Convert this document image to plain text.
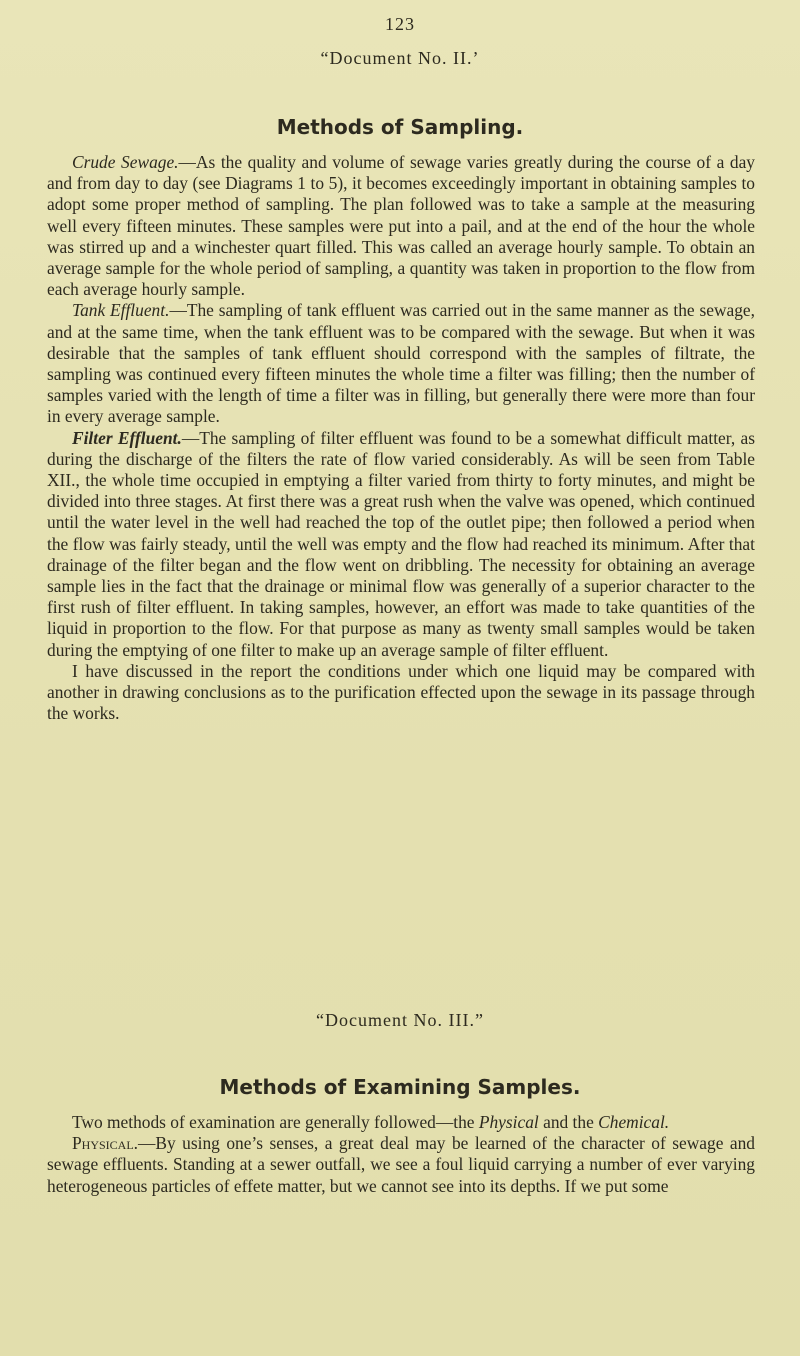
123
“Document No. II.’
Methods of Sampling.

Crude Sewage.—As the quality and volume of sewage varies greatly during the course of a day and from day to day (see Diagrams 1 to 5), it becomes exceedingly important in obtaining samples to adopt some proper method of sampling. The plan followed was to take a sample at the measuring well every fifteen minutes. These samples were put into a pail, and at the end of the hour the whole was stirred up and a winchester quart filled. This was called an average hourly sample. To obtain an average sample for the whole period of sampling, a quantity was taken in proportion to the flow from each average hourly sample.

Tank Effluent.—The sampling of tank effluent was carried out in the same manner as the sewage, and at the same time, when the tank effluent was to be compared with the sewage. But when it was desirable that the samples of tank effluent should correspond with the samples of filtrate, the sampling was continued every fifteen minutes the whole time a filter was filling; then the number of samples varied with the length of time a filter was in filling, but generally there were more than four in every average sample.

Filter Effluent.—The sampling of filter effluent was found to be a somewhat difficult matter, as during the discharge of the filters the rate of flow varied considerably. As will be seen from Table XII., the whole time occupied in emptying a filter varied from thirty to forty minutes, and might be divided into three stages. At first there was a great rush when the valve was opened, which continued until the water level in the well had reached the top of the outlet pipe; then followed a period when the flow was fairly steady, until the well was empty and the flow had reached its minimum. After that drainage of the filter began and the flow went on dribbling. The necessity for obtaining an average sample lies in the fact that the drainage or minimal flow was generally of a superior character to the first rush of filter effluent. In taking samples, however, an effort was made to take quantities of the liquid in proportion to the flow. For that purpose as many as twenty small samples would be taken during the emptying of one filter to make up an average sample of filter effluent.

I have discussed in the report the conditions under which one liquid may be compared with another in drawing conclusions as to the purification effected upon the sewage in its passage through the works.

“Document No. III.”
Methods of Examining Samples.

Two methods of examination are generally followed—the Physical and the Chemical.

Physical.—By using one’s senses, a great deal may be learned of the character of sewage and sewage effluents. Standing at a sewer outfall, we see a foul liquid carrying a number of ever varying heterogeneous particles of effete matter, but we cannot see into its depths. If we put some
